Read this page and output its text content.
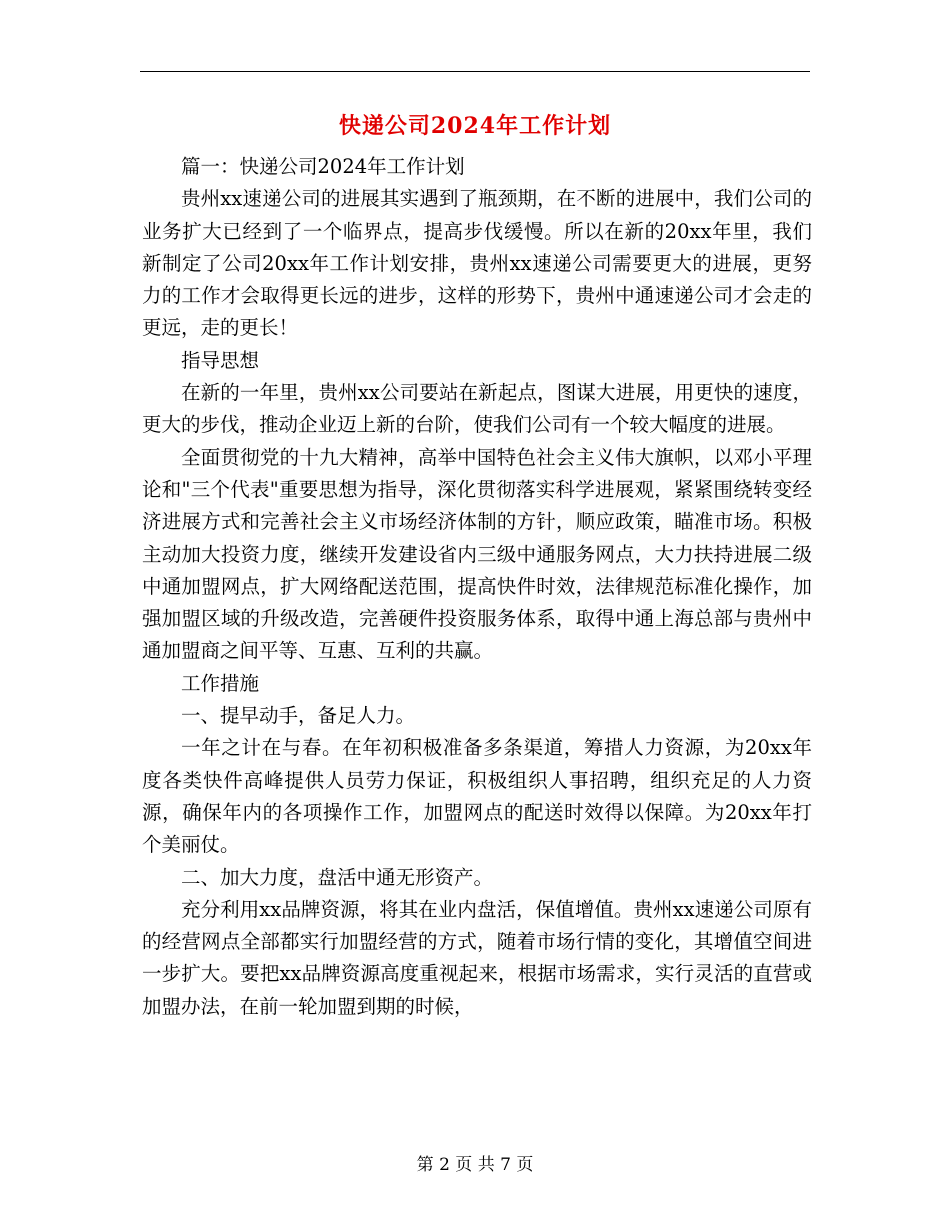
快递公司2024年工作计划

篇一：快递公司2024年工作计划

贵州xx速递公司的进展其实遇到了瓶颈期，在不断的进展中，我们公司的业务扩大已经到了一个临界点，提高步伐缓慢。所以在新的20xx年里，我们新制定了公司20xx年工作计划安排，贵州xx速递公司需要更大的进展，更努力的工作才会取得更长远的进步，这样的形势下，贵州中通速递公司才会走的更远，走的更长！

指导思想

在新的一年里，贵州xx公司要站在新起点，图谋大进展，用更快的速度，更大的步伐，推动企业迈上新的台阶，使我们公司有一个较大幅度的进展。

全面贯彻党的十九大精神，高举中国特色社会主义伟大旗帜，以邓小平理论和"三个代表"重要思想为指导，深化贯彻落实科学进展观，紧紧围绕转变经济进展方式和完善社会主义市场经济体制的方针，顺应政策，瞄准市场。积极主动加大投资力度，继续开发建设省内三级中通服务网点，大力扶持进展二级中通加盟网点，扩大网络配送范围，提高快件时效，法律规范标准化操作，加强加盟区域的升级改造，完善硬件投资服务体系，取得中通上海总部与贵州中通加盟商之间平等、互惠、互利的共赢。

工作措施

一、提早动手，备足人力。

一年之计在与春。在年初积极准备多条渠道，筹措人力资源，为20xx年度各类快件高峰提供人员劳力保证，积极组织人事招聘，组织充足的人力资源，确保年内的各项操作工作，加盟网点的配送时效得以保障。为20xx年打个美丽仗。

二、加大力度，盘活中通无形资产。

充分利用xx品牌资源，将其在业内盘活，保值增值。贵州xx速递公司原有的经营网点全部都实行加盟经营的方式，随着市场行情的变化，其增值空间进一步扩大。要把xx品牌资源高度重视起来，根据市场需求，实行灵活的直营或加盟办法，在前一轮加盟到期的时候，

第 2 页 共 7 页
